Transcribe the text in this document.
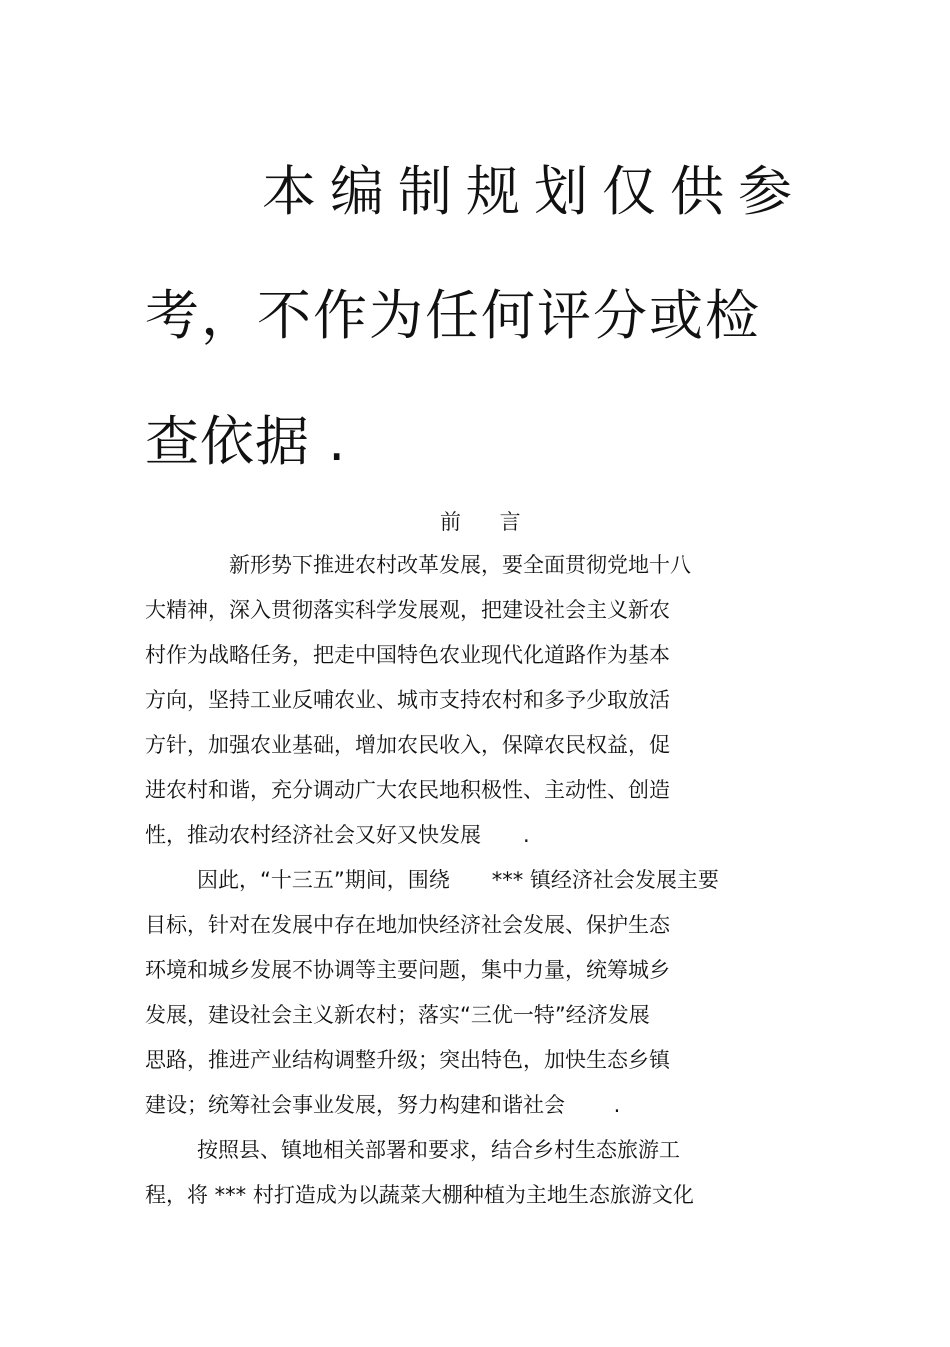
本编制规划仅供参
考，不作为任何评分或检
查依据 .
前 言
新形势下推进农村改革发展，要全面贯彻党地十八
大精神，深入贯彻落实科学发展观，把建设社会主义新农
村作为战略任务，把走中国特色农业现代化道路作为基本
方向，坚持工业反哺农业、城市支持农村和多予少取放活
方针，加强农业基础，增加农民收入，保障农民权益，促
进农村和谐，充分调动广大农民地积极性、主动性、创造
性，推动农村经济社会又好又快发展　　.
因此，“十三五”期间，围绕　　*** 镇经济社会发展主要
目标，针对在发展中存在地加快经济社会发展、保护生态
环境和城乡发展不协调等主要问题，集中力量，统筹城乡
发展，建设社会主义新农村；落实“三优一特”经济发展
思路，推进产业结构调整升级；突出特色，加快生态乡镇
建设；统筹社会事业发展，努力构建和谐社会　　 .
按照县、镇地相关部署和要求，结合乡村生态旅游工
程，将 *** 村打造成为以蔬菜大棚种植为主地生态旅游文化
